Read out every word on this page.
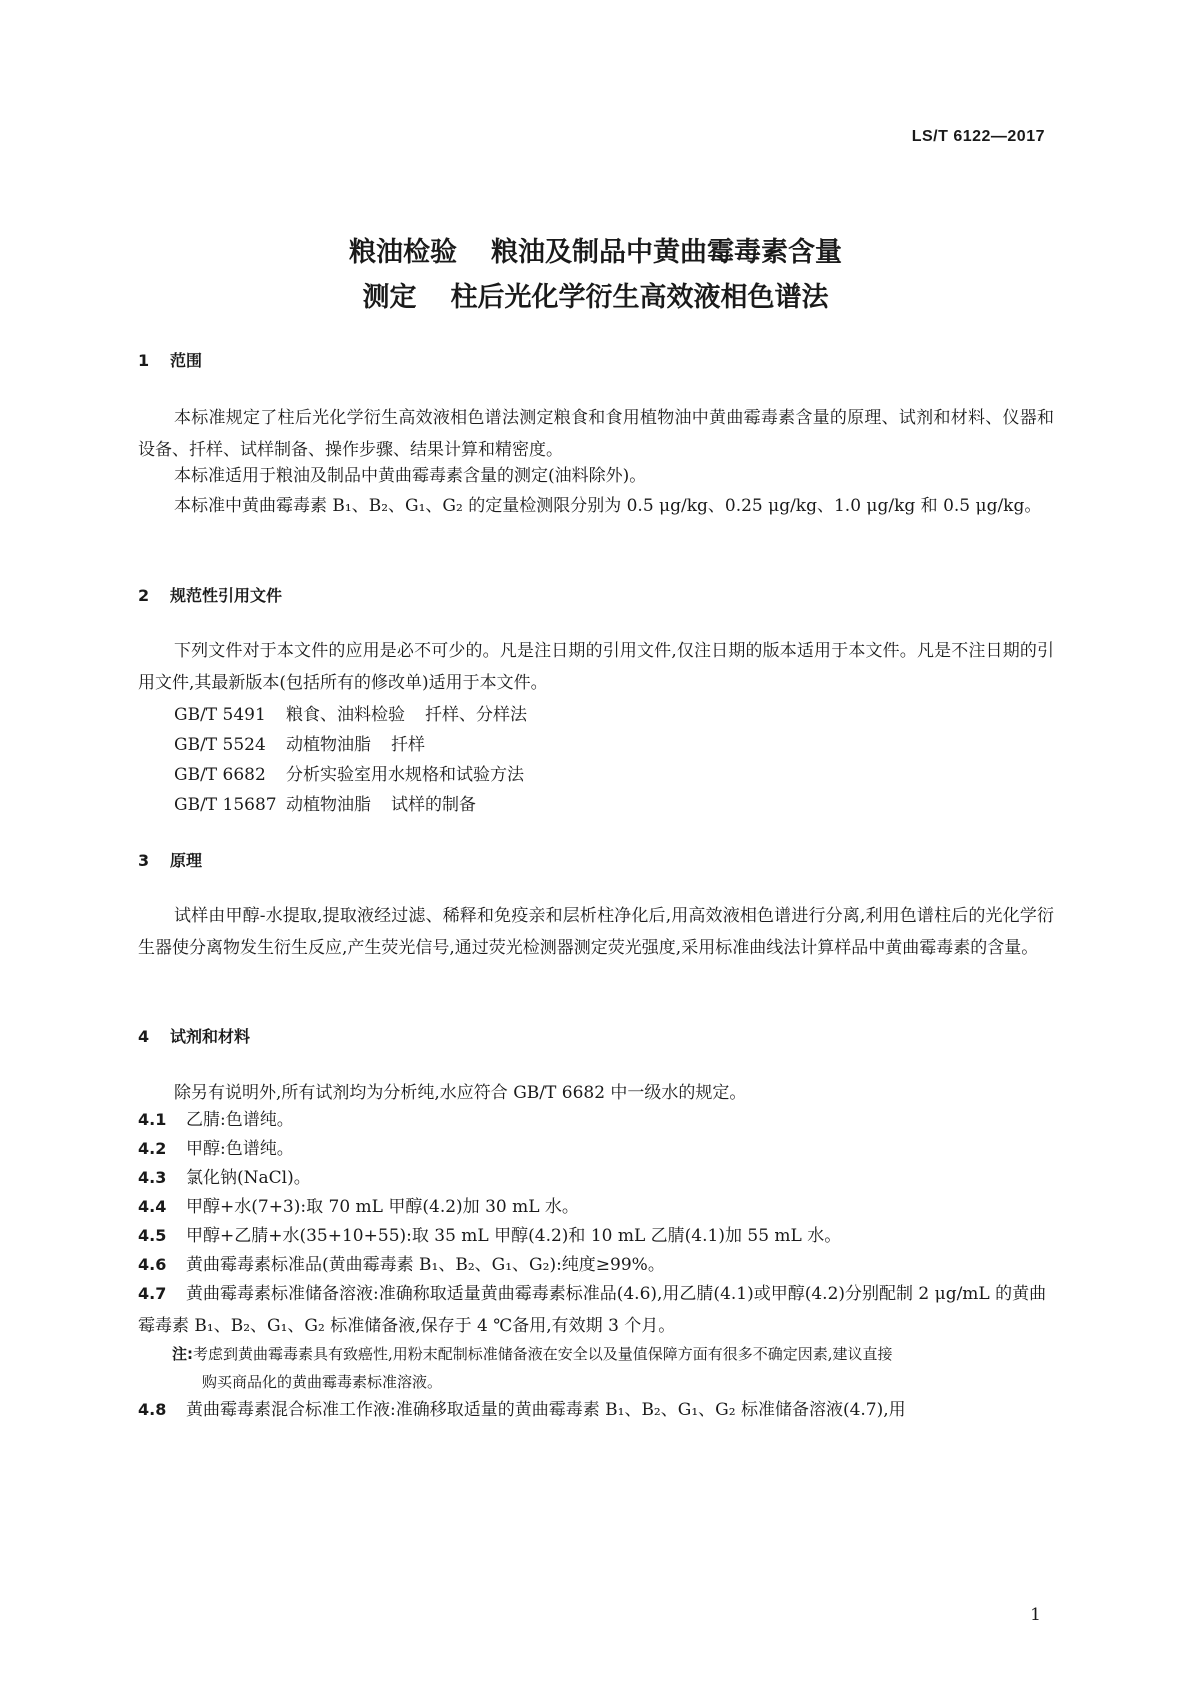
LS/T 6122—2017
粮油检验 粮油及制品中黄曲霉毒素含量
测定 柱后光化学衍生高效液相色谱法
1 范围
本标准规定了柱后光化学衍生高效液相色谱法测定粮食和食用植物油中黄曲霉毒素含量的原理、试剂和材料、仪器和设备、扦样、试样制备、操作步骤、结果计算和精密度。
本标准适用于粮油及制品中黄曲霉毒素含量的测定(油料除外)。
本标准中黄曲霉毒素 B₁、B₂、G₁、G₂ 的定量检测限分别为 0.5 μg/kg、0.25 μg/kg、1.0 μg/kg 和 0.5 μg/kg。
2 规范性引用文件
下列文件对于本文件的应用是必不可少的。凡是注日期的引用文件,仅注日期的版本适用于本文件。凡是不注日期的引用文件,其最新版本(包括所有的修改单)适用于本文件。
GB/T 5491 粮食、油料检验 扦样、分样法
GB/T 5524 动植物油脂 扦样
GB/T 6682 分析实验室用水规格和试验方法
GB/T 15687 动植物油脂 试样的制备
3 原理
试样由甲醇-水提取,提取液经过滤、稀释和免疫亲和层析柱净化后,用高效液相色谱进行分离,利用色谱柱后的光化学衍生器使分离物发生衍生反应,产生荧光信号,通过荧光检测器测定荧光强度,采用标准曲线法计算样品中黄曲霉毒素的含量。
4 试剂和材料
除另有说明外,所有试剂均为分析纯,水应符合 GB/T 6682 中一级水的规定。
4.1 乙腈:色谱纯。
4.2 甲醇:色谱纯。
4.3 氯化钠(NaCl)。
4.4 甲醇+水(7+3):取 70 mL 甲醇(4.2)加 30 mL 水。
4.5 甲醇+乙腈+水(35+10+55):取 35 mL 甲醇(4.2)和 10 mL 乙腈(4.1)加 55 mL 水。
4.6 黄曲霉毒素标准品(黄曲霉毒素 B₁、B₂、G₁、G₂):纯度≥99%。
4.7 黄曲霉毒素标准储备溶液:准确称取适量黄曲霉毒素标准品(4.6),用乙腈(4.1)或甲醇(4.2)分别配制 2 μg/mL 的黄曲霉毒素 B₁、B₂、G₁、G₂ 标准储备液,保存于 4 ℃备用,有效期 3 个月。
注:考虑到黄曲霉毒素具有致癌性,用粉末配制标准储备液在安全以及量值保障方面有很多不确定因素,建议直接
购买商品化的黄曲霉毒素标准溶液。
4.8 黄曲霉毒素混合标准工作液:准确移取适量的黄曲霉毒素 B₁、B₂、G₁、G₂ 标准储备溶液(4.7),用
1
